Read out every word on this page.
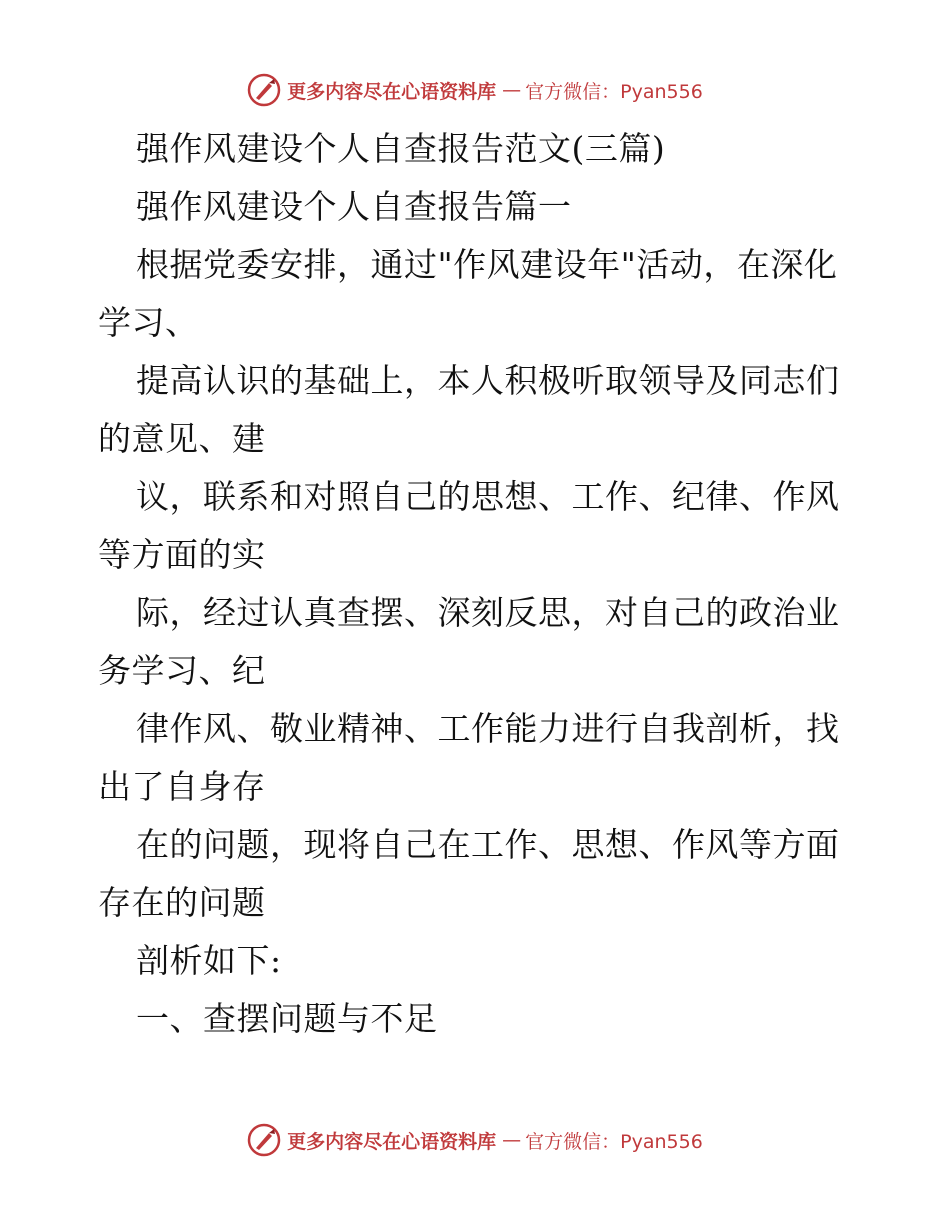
更多内容尽在心语资料库 — 官方微信：Pyan556
强作风建设个人自查报告范文(三篇)
强作风建设个人自查报告篇一
根据党委安排，通过"作风建设年"活动，在深化
学习、
提高认识的基础上，本人积极听取领导及同志们
的意见、建
议，联系和对照自己的思想、工作、纪律、作风
等方面的实
际，经过认真查摆、深刻反思，对自己的政治业
务学习、纪
律作风、敬业精神、工作能力进行自我剖析，找
出了自身存
在的问题，现将自己在工作、思想、作风等方面
存在的问题
剖析如下:
一、查摆问题与不足
更多内容尽在心语资料库 — 官方微信：Pyan556
